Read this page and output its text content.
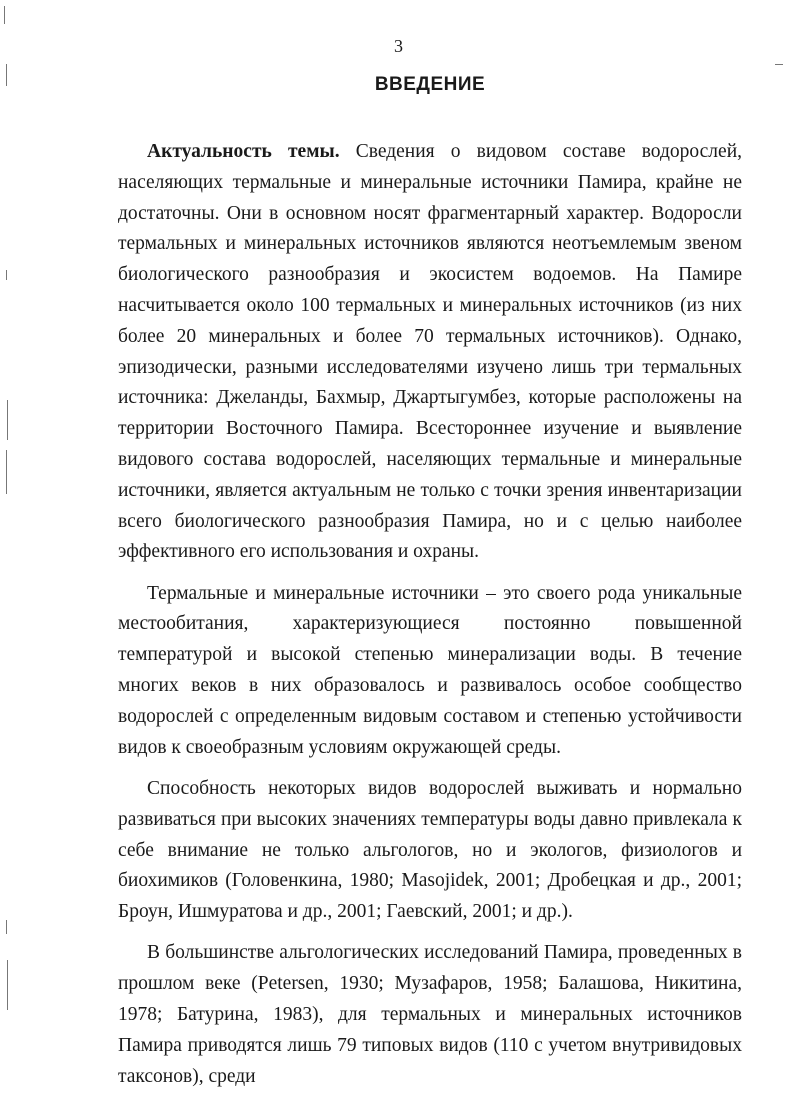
3
ВВЕДЕНИЕ

Актуальность темы. Сведения о видовом составе водорослей, населяющих термальные и минеральные источники Памира, крайне не достаточны. Они в основном носят фрагментарный характер. Водоросли термальных и минеральных источников являются неотъемлемым звеном биологического разнообразия и экосистем водоемов. На Памире насчитывается около 100 термальных и минеральных источников (из них более 20 минеральных и более 70 термальных источников). Однако, эпизодически, разными исследователями изучено лишь три термальных источника: Джеланды, Бахмыр, Джартыгумбез, которые расположены на территории Восточного Памира. Всестороннее изучение и выявление видового состава водорослей, населяющих термальные и минеральные источники, является актуальным не только с точки зрения инвентаризации всего биологического разнообразия Памира, но и с целью наиболее эффективного его использования и охраны.

Термальные и минеральные источники – это своего рода уникальные местообитания, характеризующиеся постоянно повышенной температурой и высокой степенью минерализации воды. В течение многих веков в них образовалось и развивалось особое сообщество водорослей с определенным видовым составом и степенью устойчивости видов к своеобразным условиям окружающей среды.

Способность некоторых видов водорослей выживать и нормально развиваться при высоких значениях температуры воды давно привлекала к себе внимание не только альгологов, но и экологов, физиологов и биохимиков (Головенкина, 1980; Masojidek, 2001; Дробецкая и др., 2001; Броун, Ишмуратова и др., 2001; Гаевский, 2001; и др.).

В большинстве альгологических исследований Памира, проведенных в прошлом веке (Petersen, 1930; Музафаров, 1958; Балашова, Никитина, 1978; Батурина, 1983), для термальных и минеральных источников Памира приводятся лишь 79 типовых видов (110 с учетом внутривидовых таксонов), среди
